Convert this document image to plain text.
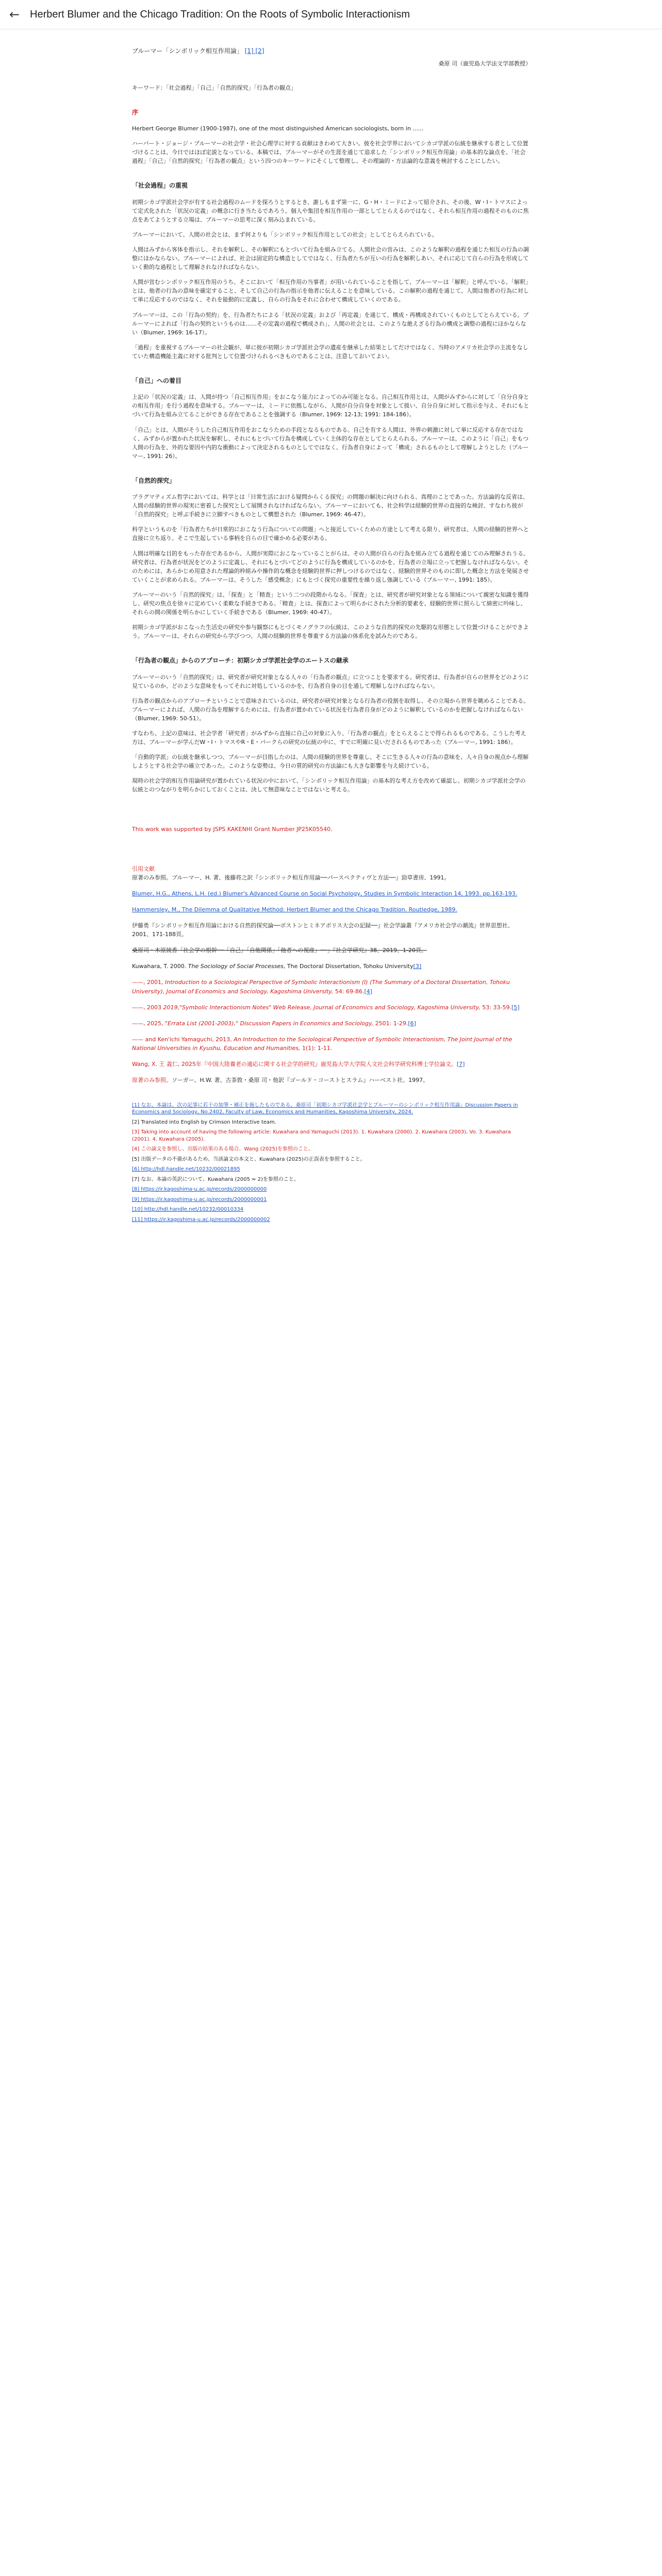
← Herbert Blumer and the Chicago Tradition: On the Roots of Symbolic Interactionism
ブルーマー「シンボリック相互作用論」 [1] [2]
桑原 司（鹿児島大学法文学部教授）
キーワード：「社会過程」「自己」「自然的探究」「行為者の観点」
序

Herbert George Blumer (1900-1987), one of the most distinguished American sociologists, born in ......

ハーバート・ジョージ・ブルーマーの社会学・社会心理学に対する貢献はきわめて大きい。彼を社会学界においてシカゴ学派の伝統を継承する者として位置づけることは、今日ではほぼ定説となっている。本稿では、ブルーマーがその生涯を通じて追求した「シンボリック相互作用論」の基本的な論点を、「社会過程」「自己」「自然的探究」「行為者の観点」という四つのキーワードにそくして整理し、その理論的・方法論的な意義を検討することにしたい。

「社会過程」の重視

初期シカゴ学派社会学が有する社会過程のムードを探ろうとするとき、誰しもまず第一に、G・H・ミードによって紹介され、その後、W・I・トマスによって定式化された「状況の定義」の概念に行き当たるであろう。個人や集団を相互作用の一部としてとらえるのではなく、それら相互作用の過程そのものに焦点をあてようとする立場は、ブルーマーの思考に深く刻み込まれている。

ブルーマーにおいて、人間の社会とは、まず何よりも「シンボリック相互作用としての社会」としてとらえられている。

人間はみずから客体を指示し、それを解釈し、その解釈にもとづいて行為を組み立てる。人間社会の営みは、このような解釈の過程を通じた相互の行為の調整にほかならない。ブルーマーによれば、社会は固定的な構造としてではなく、行為者たちが互いの行為を解釈しあい、それに応じて自らの行為を形成していく動的な過程として理解されなければならない。

人間が営むシンボリック相互作用のうち、そこにおいて「相互作用の当事者」が用いられていることを指して、ブルーマーは「解釈」と呼んでいる。「解釈」とは、他者の行為の意味を確定すること、そして自己の行為の指示を他者に伝えることを意味している。この解釈の過程を通じて、人間は他者の行為に対して単に反応するのではなく、それを能動的に定義し、自らの行為をそれに合わせて構成していくのである。

ブルーマーは、この「行為の契約」を、行為者たちによる「状況の定義」および「再定義」を通じて、構成・再構成されていくものとしてとらえている。ブルーマーによれば「行為の契約というものは……その定義の過程で構成され」、人間の社会とは、このような絶えざる行為の構成と調整の過程にほかならない（Blumer, 1969: 16-17）。

「過程」を重視するブルーマーの社会観が、単に彼が初期シカゴ学派社会学の遺産を継承した結果としてだけではなく、当時のアメリカ社会学の主流をなしていた構造機能主義に対する批判として位置づけられるべきものであることは、注意しておいてよい。

「自己」への着目

上記の「状況の定義」は、人間が持つ「自己相互作用」をおこなう能力によってのみ可能となる。自己相互作用とは、人間がみずからに対して「自分自身との相互作用」を行う過程を意味する。ブルーマーは、ミードに依拠しながら、人間が自分自身を対象として扱い、自分自身に対して指示を与え、それにもとづいて行為を組み立てることができる存在であることを強調する（Blumer, 1969: 12-13; 1991: 184-186）。

「自己」とは、人間がそうした自己相互作用をおこなうための手段となるものである。自己を有する人間は、外界の刺激に対して単に反応する存在ではなく、みずからが置かれた状況を解釈し、それにもとづいて行為を構成していく主体的な存在としてとらえられる。ブルーマーは、このように「自己」をもつ人間の行為を、外的な要因や内的な衝動によって決定されるものとしてではなく、行為者自身によって「構成」されるものとして理解しようとした（ブルーマー, 1991: 26）。

「自然的探究」

プラグマティズム哲学においては、科学とは「日常生活における疑問からくる探究」の問題の解決に向けられる、真理のことであった。方法論的な反省は、人間の経験的世界の現実に密着した探究として展開されなければならない。ブルーマーにおいても、社会科学は経験的世界の直接的な検討、すなわち彼が「自然的探究」と呼ぶ手続きに立脚すべきものとして構想された（Blumer, 1969: 46-47）。

科学というものを「行為者たちが日常的におこなう行為についての問題」へと接近していくための方途として考える限り、研究者は、人間の経験的世界へと直接に立ち返り、そこで生起している事柄を自らの目で確かめる必要がある。

人間は明確な目的をもった存在であるから、人間が実際におこなっていることがらは、その人間が自らの行為を組み立てる過程を通じてのみ理解されうる。研究者は、行為者が状況をどのように定義し、それにもとづいてどのように行為を構成しているのかを、行為者の立場に立って把握しなければならない。そのためには、あらかじめ用意された理論的枠組みや操作的な概念を経験的世界に押しつけるのではなく、経験的世界そのものに即した概念と方法を発展させていくことが求められる。ブルーマーは、そうした「感受概念」にもとづく探究の重要性を繰り返し強調している（ブルーマー, 1991: 185）。

ブルーマーのいう「自然的探究」は、「探査」と「精査」という二つの段階からなる。「探査」とは、研究者が研究対象となる領域について親密な知識を獲得し、研究の焦点を徐々に定めていく柔軟な手続きである。「精査」とは、探査によって明らかにされた分析的要素を、経験的世界に照らして綿密に吟味し、それらの間の関係を明らかにしていく手続きである（Blumer, 1969: 40-47）。

初期シカゴ学派がおこなった生活史の研究や参与観察にもとづくモノグラフの伝統は、このような自然的探究の先駆的な形態として位置づけることができよう。ブルーマーは、それらの研究から学びつつ、人間の経験的世界を尊重する方法論の体系化を試みたのである。

「行為者の観点」からのアプローチ：初期シカゴ学派社会学のエートスの継承

ブルーマーのいう「自然的探究」は、研究者が研究対象となる人々の「行為者の観点」に立つことを要求する。研究者は、行為者が自らの世界をどのように見ているのか、どのような意味をもってそれに対処しているのかを、行為者自身の目を通して理解しなければならない。

行為者の観点からのアプローチということで意味されているのは、研究者が研究対象となる行為者の役割を取得し、その立場から世界を眺めることである。ブルーマーによれば、人間の行為を理解するためには、行為者が置かれている状況を行為者自身がどのように解釈しているのかを把握しなければならない（Blumer, 1969: 50-51）。

すなわち、上記の意味は、社会学者「研究者」がみずから直接に自己の対象に入り、「行為者の観点」をとらえることで得られるものである。こうした考え方は、ブルーマーが学んだW・I・トマスやR・E・パークらの研究の伝統の中に、すでに明確に見いだされるものであった（ブルーマー, 1991: 186）。

「自動的学派」の伝統を継承しつつ、ブルーマーが目指したのは、人間の経験的世界を尊重し、そこに生きる人々の行為の意味を、人々自身の視点から理解しようとする社会学の確立であった。このような姿勢は、今日の質的研究の方法論にも大きな影響を与え続けている。

現時の社会学的相互作用論研究が置かれている状況の中において、「シンボリック相互作用論」の基本的な考え方を改めて確認し、初期シカゴ学派社会学の伝統とのつながりを明らかにしておくことは、決して無意味なことではないと考える。

This work was supported by JSPS KAKENHI Grant Number JP25K05540.

引用文献
原著のみ参照。ブルーマー、H. 著、後藤将之訳『シンボリック相互作用論──パースペクティヴと方法──』勁草書房、1991。
Blumer, H.G., Athens, L.H. (ed.) Blumer's Advanced Course on Social Psychology, Studies in Symbolic Interaction 14, 1993. pp.163-193.
Hammersley, M., The Dilemma of Qualitative Method: Herbert Blumer and the Chicago Tradition. Routledge, 1989.
伊藤勇『シンボリック相互作用論における自然的探究論──ボストンとミネアポリス大会の記録──』社会学論叢『アメリカ社会学の潮流』世界思想社、2001、171-188頁。
桑原司・木原綾香「社会学の根幹──「自己」「自他関係」「他者への視座」──」『社会学研究』38、2019、1-20頁。
Kuwahara, T. 2000. The Sociology of Social Processes, The Doctoral Dissertation, Tohoku University[3]
——, 2001, Introduction to a Sociological Perspective of Symbolic Interactionism (I) (The Summary of a Doctoral Dissertation, Tohoku University), Journal of Economics and Sociology, Kagoshima University, 54: 69-86.[4]
——, 2003 2019,"Symbolic Interactionism Notes" Web Release, Journal of Economics and Sociology, Kagoshima University, 53: 33-59.[5]
——, 2025, "Errata List (2001-2003)," Discussion Papers in Economics and Sociology, 2501: 1-29.[6]
—— and Ken'ichi Yamaguchi, 2013, An Introduction to the Sociological Perspective of Symbolic Interactionism, The Joint Journal of the National Universities in Kyushu, Education and Humanities, 1(1): 1-11.
Wang, X. 王 義仁, 2025年『中国大陸養老の適応に関する社会学的研究』鹿児島大学大学院人文社会科学研究科博士学位論文。[7]
原著のみ参照。ソーガー、H.W. 著、古茶敦・桑原 司・他訳『ゴールド・コーストとスラム』ハーベスト社、1997。
[1] なお、本論は、次の記事に若干の加筆・補正を施したものである。桑原司「初期シカゴ学派社会学とブルーマーのシンボリック相互作用論」Discussion Papers in Economics and Sociology, No.2402, Faculty of Law, Economics and Humanities, Kagoshima University, 2024.
[2] Translated into English by Crimson Interactive team.
[3] Taking into account of having the following article: Kuwahara and Yamaguchi (2013). 1. Kuwahara (2000). 2. Kuwahara (2003), Vo. 3. Kuwahara (2001). 4. Kuwahara (2005).
[4] この論文を参照し、出版の結果のある場合、Wang (2025)を参照のこと。
[5] 出版データの不備があるため、当該論文の本文と、Kuwahara (2025)の正誤表を参照すること。
[6] http://hdl.handle.net/10232/00021895
[7] なお、本論の英訳について、Kuwahara (2005 ≈ 2)を参照のこと。
[8] https://ir.kagoshima-u.ac.jp/records/2000000000
[9] https://ir.kagoshima-u.ac.jp/records/2000000001
[10] http://hdl.handle.net/10232/00010334
[11] https://ir.kagoshima-u.ac.jp/records/2000000002
